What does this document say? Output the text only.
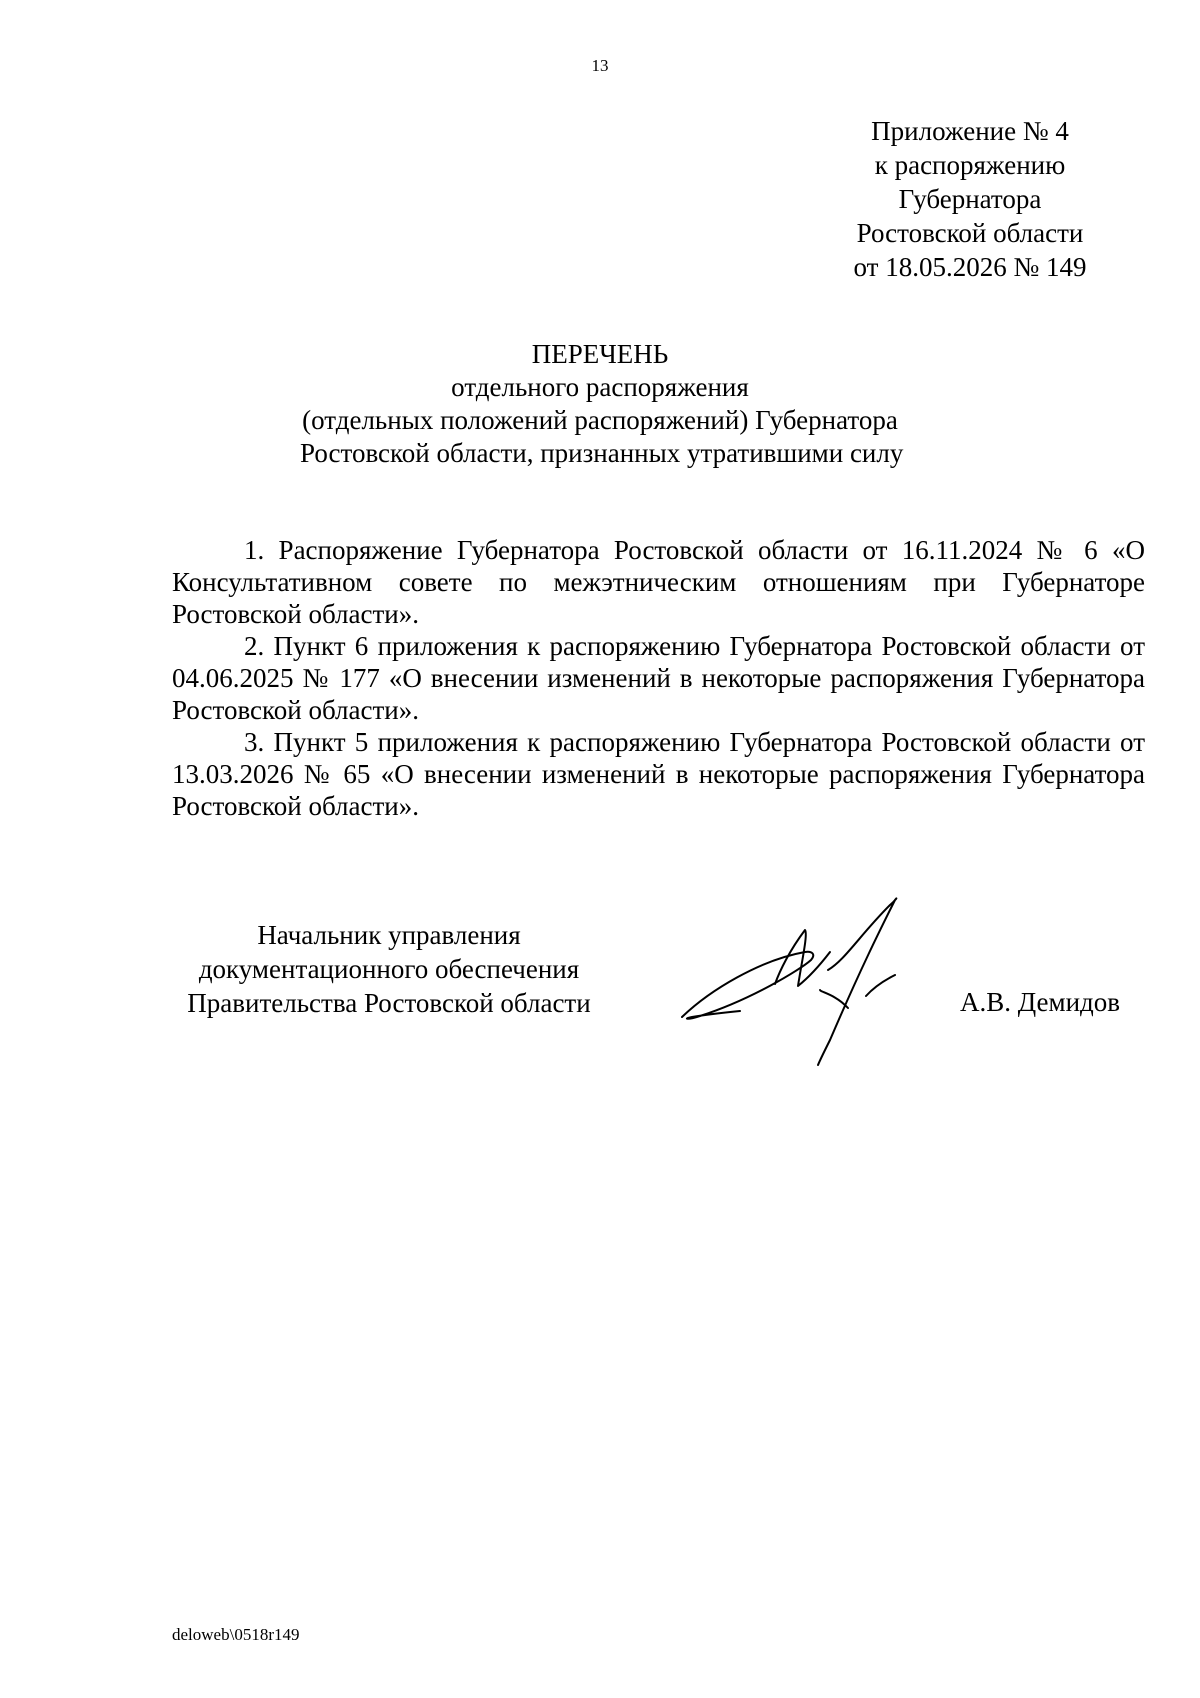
13
Приложение № 4
к распоряжению
Губернатора
Ростовской области
от 18.05.2026 № 149
ПЕРЕЧЕНЬ
отдельного распоряжения
(отдельных положений распоряжений) Губернатора
Ростовской области, признанных утратившими силу

1. Распоряжение Губернатора Ростовской области от 16.11.2024 № 6 «О Консультативном совете по межэтническим отношениям при Губернаторе Ростовской области».

2. Пункт 6 приложения к распоряжению Губернатора Ростовской области от 04.06.2025 № 177 «О внесении изменений в некоторые распоряжения Губернатора Ростовской области».

3. Пункт 5 приложения к распоряжению Губернатора Ростовской области от 13.03.2026 № 65 «О внесении изменений в некоторые распоряжения Губернатора Ростовской области».

Начальник управления
документационного обеспечения
Правительства Ростовской области	А.В. Демидов
deloweb\0518r149
